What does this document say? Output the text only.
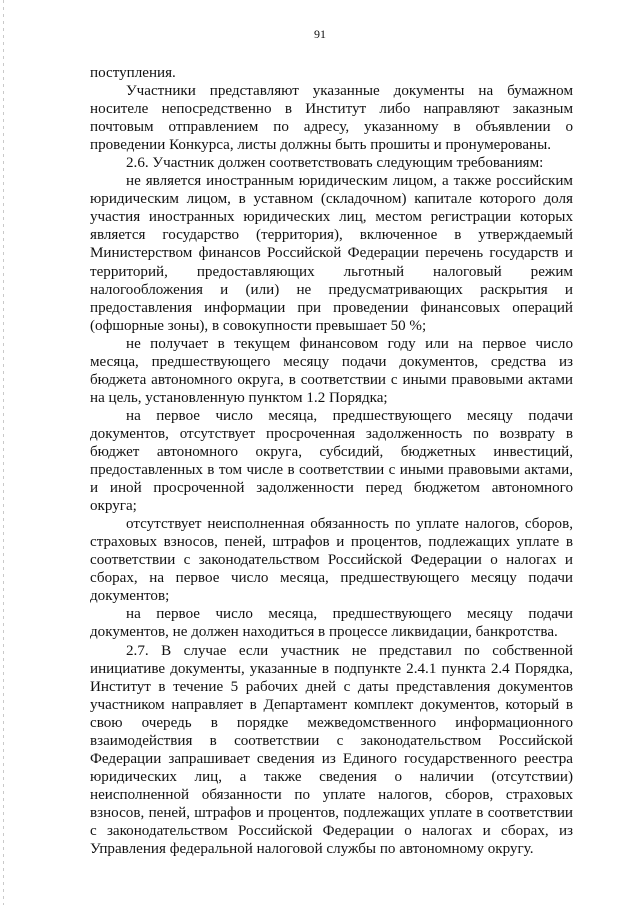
91

поступления.

Участники представляют указанные документы на бумажном носителе непосредственно в Институт либо направляют заказным почтовым отправлением по адресу, указанному в объявлении о проведении Конкурса, листы должны быть прошиты и пронумерованы.

2.6. Участник должен соответствовать следующим требованиям:

не является иностранным юридическим лицом, а также российским юридическим лицом, в уставном (складочном) капитале которого доля участия иностранных юридических лиц, местом регистрации которых является государство (территория), включенное в утверждаемый Министерством финансов Российской Федерации перечень государств и территорий, предоставляющих льготный налоговый режим налогообложения и (или) не предусматривающих раскрытия и предоставления информации при проведении финансовых операций (офшорные зоны), в совокупности превышает 50 %;

не получает в текущем финансовом году или на первое число месяца, предшествующего месяцу подачи документов, средства из бюджета автономного округа, в соответствии с иными правовыми актами на цель, установленную пунктом 1.2 Порядка;

на первое число месяца, предшествующего месяцу подачи документов, отсутствует просроченная задолженность по возврату в бюджет автономного округа, субсидий, бюджетных инвестиций, предоставленных в том числе в соответствии с иными правовыми актами, и иной просроченной задолженности перед бюджетом автономного округа;

отсутствует неисполненная обязанность по уплате налогов, сборов, страховых взносов, пеней, штрафов и процентов, подлежащих уплате в соответствии с законодательством Российской Федерации о налогах и сборах, на первое число месяца, предшествующего месяцу подачи документов;

на первое число месяца, предшествующего месяцу подачи документов, не должен находиться в процессе ликвидации, банкротства.

2.7. В случае если участник не представил по собственной инициативе документы, указанные в подпункте 2.4.1 пункта 2.4 Порядка, Институт в течение 5 рабочих дней с даты представления документов участником направляет в Департамент комплект документов, который в свою очередь в порядке межведомственного информационного взаимодействия в соответствии с законодательством Российской Федерации запрашивает сведения из Единого государственного реестра юридических лиц, а также сведения о наличии (отсутствии) неисполненной обязанности по уплате налогов, сборов, страховых взносов, пеней, штрафов и процентов, подлежащих уплате в соответствии с законодательством Российской Федерации о налогах и сборах, из Управления федеральной налоговой службы по автономному округу.
